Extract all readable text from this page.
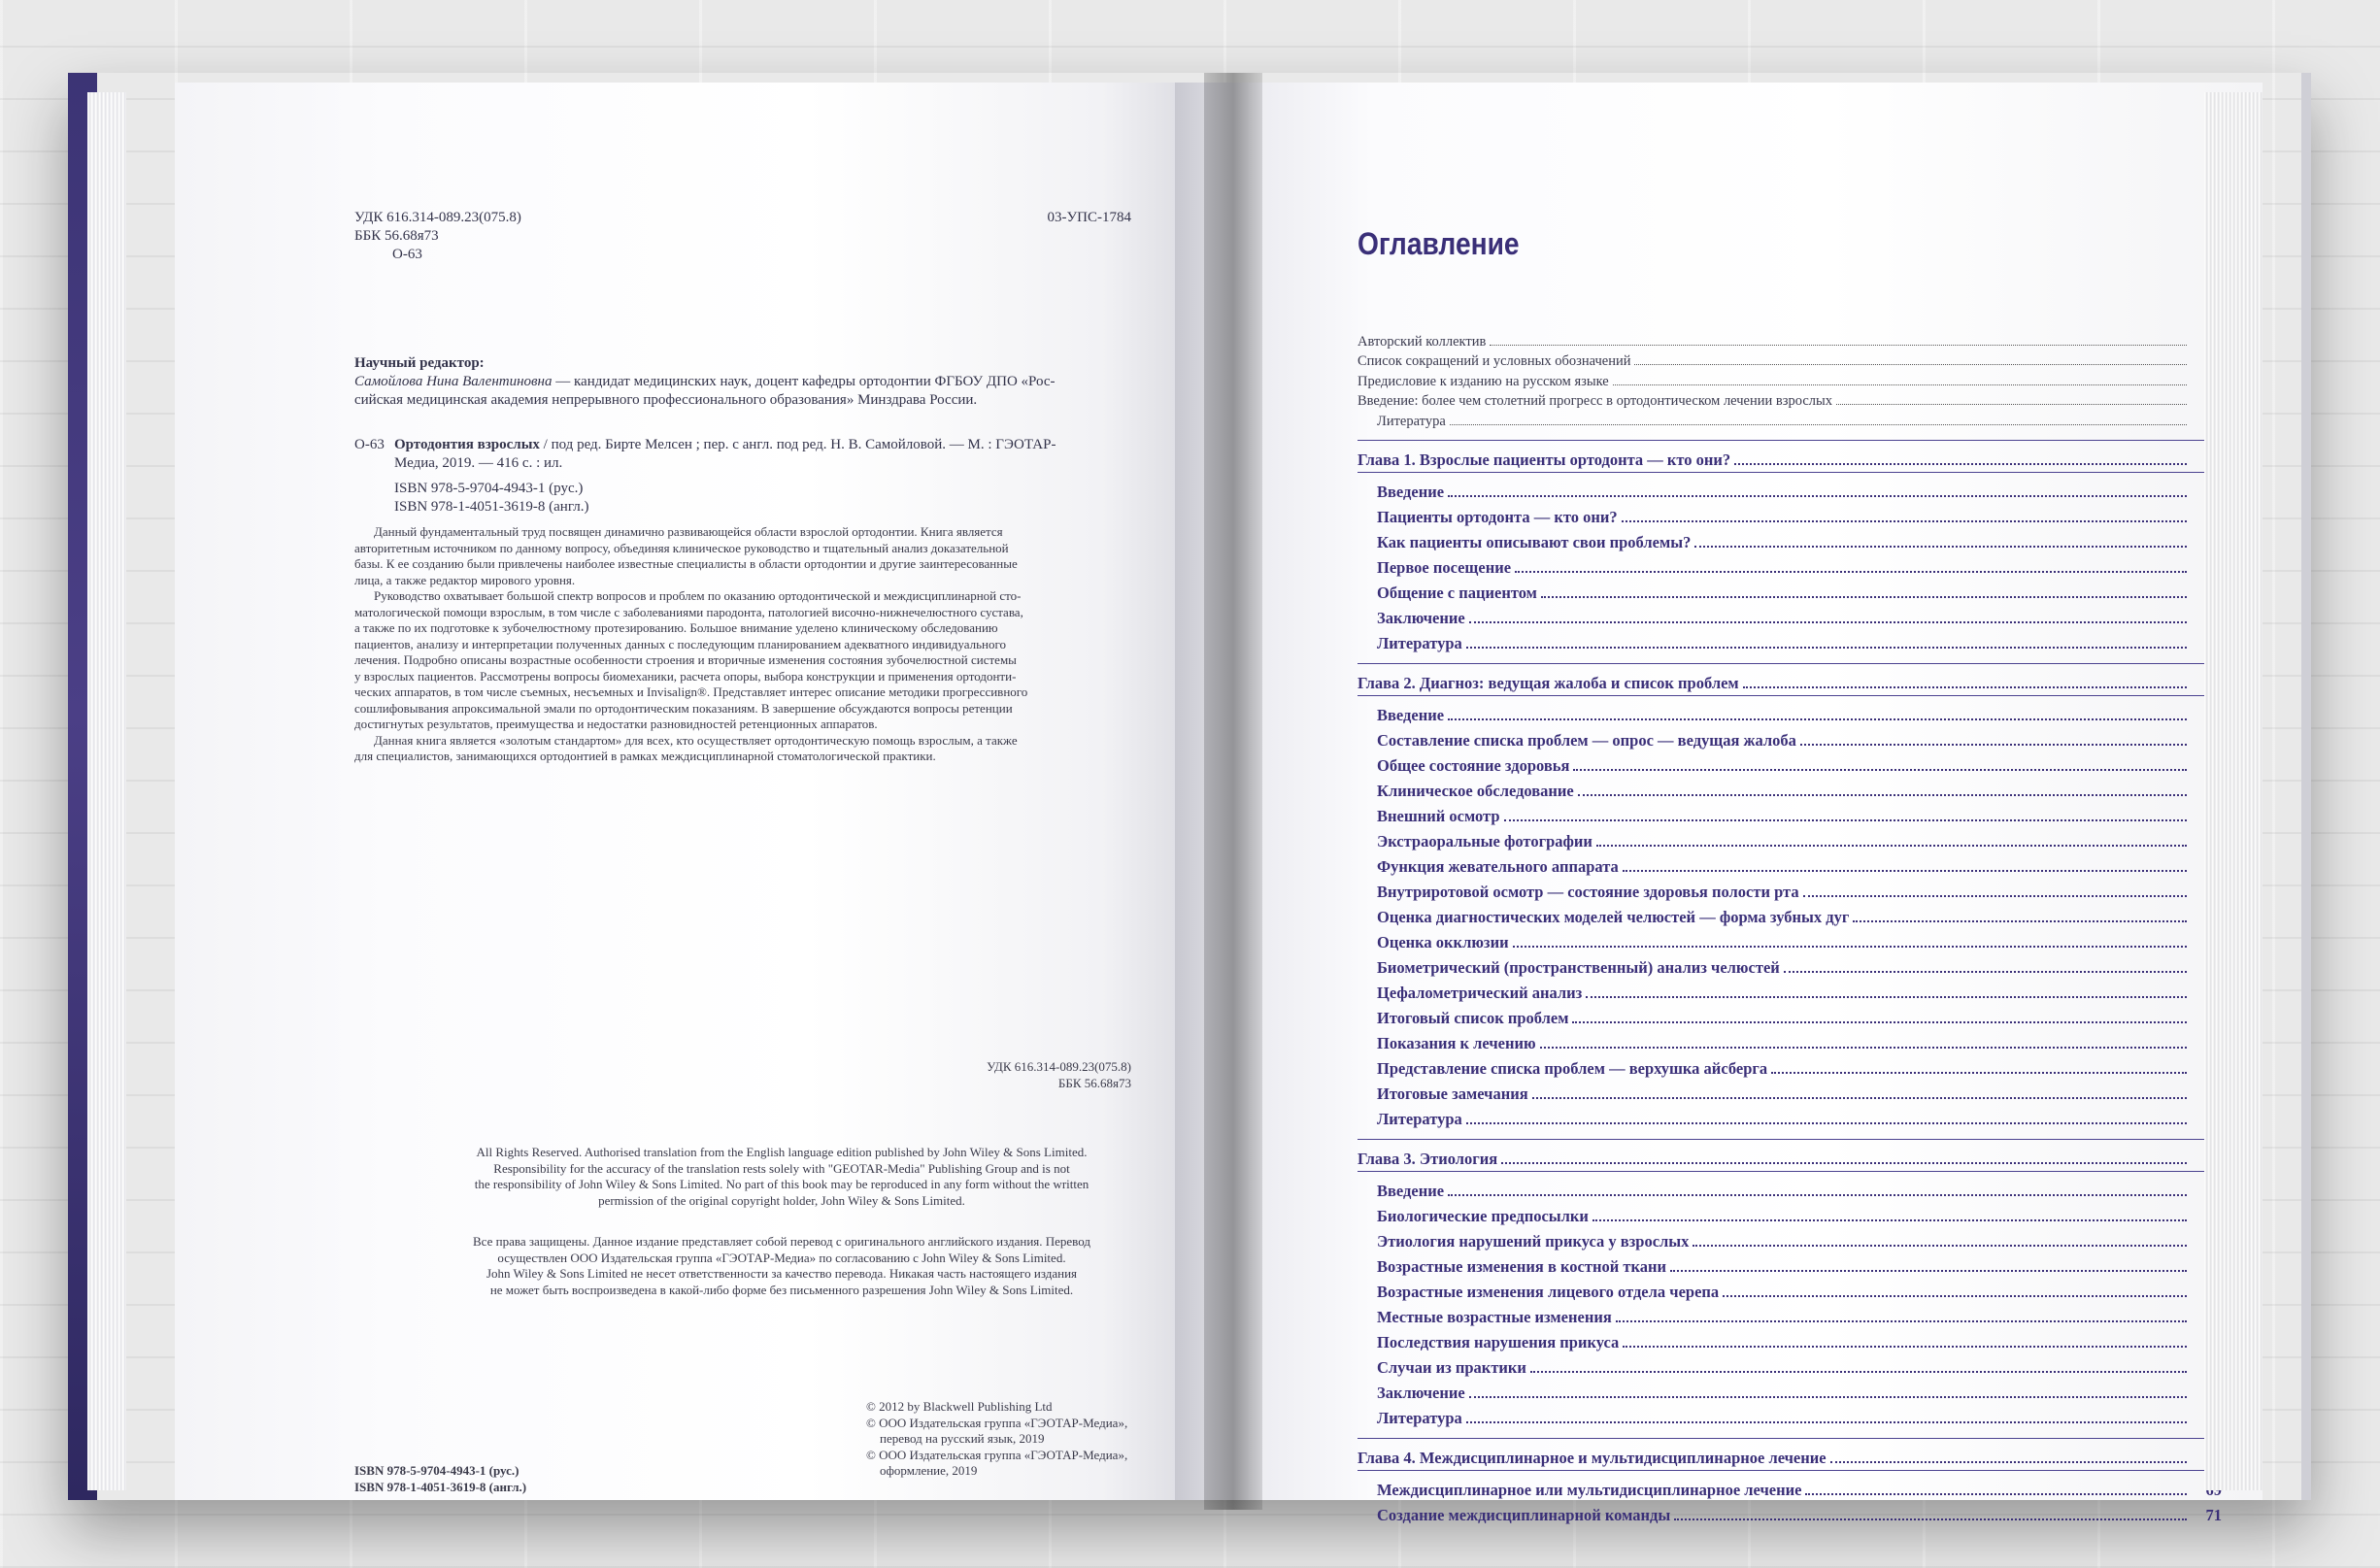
УДК 616.314-089.23(075.8)
ББК 56.68я73
О-63
03-УПС-1784
Научный редактор:
Самойлова Нина Валентиновна — кандидат медицинских наук, доцент кафедры ортодонтии ФГБОУ ДПО «Рос-
сийская медицинская академия непрерывного профессионального образования» Минздрава России.
О-63 Ортодонтия взрослых / под ред. Бирте Мелсен ; пер. с англ. под ред. Н. В. Самойловой. — М. : ГЭОТАР-
Медиа, 2019. — 416 с. : ил.
ISBN 978-5-9704-4943-1 (рус.)
ISBN 978-1-4051-3619-8 (англ.)
Данный фундаментальный труд посвящен динамично развивающейся области взрослой ортодонтии. Книга является
авторитетным источником по данному вопросу, объединяя клиническое руководство и тщательный анализ доказательной
базы. К ее созданию были привлечены наиболее известные специалисты в области ортодонтии и другие заинтересованные
лица, а также редактор мирового уровня.
Руководство охватывает большой спектр вопросов и проблем по оказанию ортодонтической и междисциплинарной сто-
матологической помощи взрослым, в том числе с заболеваниями пародонта, патологией височно-нижнечелюстного сустава,
а также по их подготовке к зубочелюстному протезированию. Большое внимание уделено клиническому обследованию
пациентов, анализу и интерпретации полученных данных с последующим планированием адекватного индивидуального
лечения. Подробно описаны возрастные особенности строения и вторичные изменения состояния зубочелюстной системы
у взрослых пациентов. Рассмотрены вопросы биомеханики, расчета опоры, выбора конструкции и применения ортодонти-
ческих аппаратов, в том числе съемных, несъемных и Invisalign®. Представляет интерес описание методики прогрессивного
сошлифовывания апроксимальной эмали по ортодонтическим показаниям. В завершение обсуждаются вопросы ретенции
достигнутых результатов, преимущества и недостатки разновидностей ретенционных аппаратов.
Данная книга является «золотым стандартом» для всех, кто осуществляет ортодонтическую помощь взрослым, а также
для специалистов, занимающихся ортодонтией в рамках междисциплинарной стоматологической практики.
УДК 616.314-089.23(075.8)
ББК 56.68я73
All Rights Reserved. Authorised translation from the English language edition published by John Wiley & Sons Limited.
Responsibility for the accuracy of the translation rests solely with "GEOTAR-Media" Publishing Group and is not
the responsibility of John Wiley & Sons Limited. No part of this book may be reproduced in any form without the written
permission of the original copyright holder, John Wiley & Sons Limited.
Все права защищены. Данное издание представляет собой перевод с оригинального английского издания. Перевод
осуществлен ООО Издательская группа «ГЭОТАР-Медиа» по согласованию с John Wiley & Sons Limited.
John Wiley & Sons Limited не несет ответственности за качество перевода. Никакая часть настоящего издания
не может быть воспроизведена в какой-либо форме без письменного разрешения John Wiley & Sons Limited.
© 2012 by Blackwell Publishing Ltd
© ООО Издательская группа «ГЭОТАР-Медиа»,
перевод на русский язык, 2019
© ООО Издательская группа «ГЭОТАР-Медиа»,
оформление, 2019
ISBN 978-5-9704-4943-1 (рус.)
ISBN 978-1-4051-3619-8 (англ.)
Оглавление
Авторский коллектив
Список сокращений и условных обозначений
Предисловие к изданию на русском языке
Введение: более чем столетний прогресс в ортодонтическом лечении взрослых
Литература
Глава 1. Взрослые пациенты ортодонта — кто они?
Введение
Пациенты ортодонта — кто они?
Как пациенты описывают свои проблемы?
Первое посещение
Общение с пациентом
Заключение
Литература
Глава 2. Диагноз: ведущая жалоба и список проблем
Введение
Составление списка проблем — опрос — ведущая жалоба
Общее состояние здоровья
Клиническое обследование
Внешний осмотр
Экстраоральные фотографии
Функция жевательного аппарата
Внутриротовой осмотр — состояние здоровья полости рта
Оценка диагностических моделей челюстей — форма зубных дуг
Оценка окклюзии
Биометрический (пространственный) анализ челюстей
Цефалометрический анализ
Итоговый список проблем
Показания к лечению
Представление списка проблем — верхушка айсберга
Итоговые замечания
Литература
Глава 3. Этиология
Введение
Биологические предпосылки
Этиология нарушений прикуса у взрослых
Возрастные изменения в костной ткани
Возрастные изменения лицевого отдела черепа
Местные возрастные изменения
Последствия нарушения прикуса
Случаи из практики
Заключение
Литература
Глава 4. Междисциплинарное и мультидисциплинарное лечение
Междисциплинарное или мультидисциплинарное лечение
Создание междисциплинарной команды	71
